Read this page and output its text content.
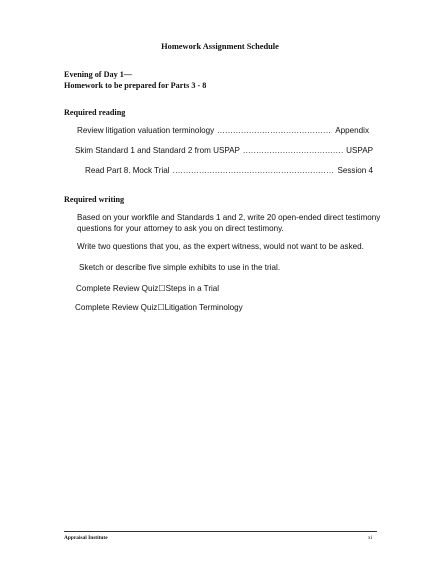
Homework Assignment Schedule
Evening of Day 1—
Homework to be prepared for Parts 3 - 8
Required reading
Review litigation valuation terminology .....	Appendix
Skim Standard 1 and Standard 2 from USPAP .....	USPAP
Read Part 8. Mock Trial .....	Session 4
Required writing
Based on your workfile and Standards 1 and 2, write 20 open-ended direct testimony questions for your attorney to ask you on direct testimony.
Write two questions that you, as the expert witness, would not want to be asked.
Sketch or describe five simple exhibits to use in the trial.
Complete Review Quiz☐Steps in a Trial
Complete Review Quiz☐Litigation Terminology
Appraisal Institute	xi
